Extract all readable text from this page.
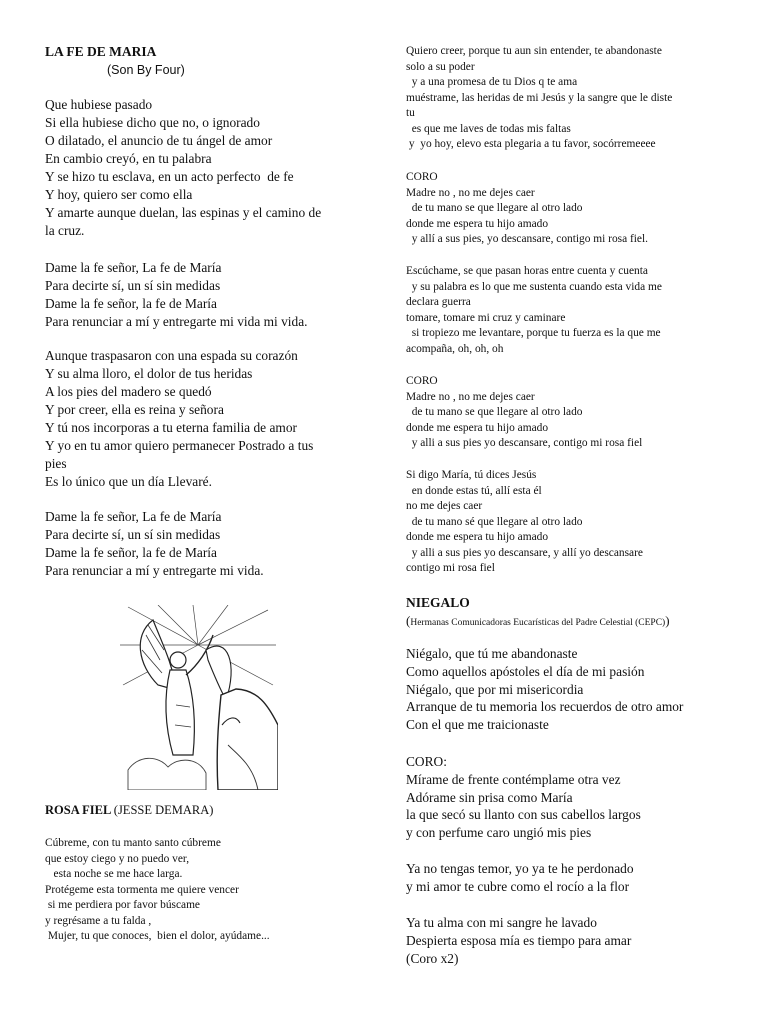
LA FE DE MARIA
(Son By Four)
Que hubiese pasado
Si ella hubiese dicho que no, o ignorado
O dilatado, el anuncio de tu ángel de amor
En cambio creyó, en tu palabra
Y se hizo tu esclava, en un acto perfecto  de fe
Y hoy, quiero ser como ella
Y amarte aunque duelan, las espinas y el camino de
la cruz.
Dame la fe señor, La fe de María
Para decirte sí, un sí sin medidas
Dame la fe señor, la fe de María
Para renunciar a mí y entregarte mi vida mi vida.
Aunque traspasaron con una espada su corazón
Y su alma lloro, el dolor de tus heridas
A los pies del madero se quedó
Y por creer, ella es reina y señora
Y tú nos incorporas a tu eterna familia de amor
Y yo en tu amor quiero permanecer Postrado a tus
pies
Es lo único que un día Llevaré.
Dame la fe señor, La fe de María
Para decirte sí, un sí sin medidas
Dame la fe señor, la fe de María
Para renunciar a mí y entregarte mi vida.
ROSA FIEL (JESSE DEMARA)
Cúbreme, con tu manto santo cúbreme
que estoy ciego y no puedo ver,
esta noche se me hace larga.
Protégeme esta tormenta me quiere vencer
si me perdiera por favor búscame
y regrésame a tu falda ,
Mujer, tu que conoces,  bien el dolor, ayúdame...
Quiero creer, porque tu aun sin entender, te abandonaste
solo a su poder
y a una promesa de tu Dios q te ama
muéstrame, las heridas de mi Jesús y la sangre que le diste
tu
es que me laves de todas mis faltas
y  yo hoy, elevo esta plegaria a tu favor, socórremeeee
CORO
Madre no , no me dejes caer
de tu mano se que llegare al otro lado
donde me espera tu hijo amado
y allí a sus pies, yo descansare, contigo mi rosa fiel.
Escúchame, se que pasan horas entre cuenta y cuenta
y su palabra es lo que me sustenta cuando esta vida me
declara guerra
tomare, tomare mi cruz y caminare
si tropiezo me levantare, porque tu fuerza es la que me
acompaña, oh, oh, oh
CORO
Madre no , no me dejes caer
de tu mano se que llegare al otro lado
donde me espera tu hijo amado
y alli a sus pies yo descansare, contigo mi rosa fiel
Si digo María, tú dices Jesús
en donde estas tú, allí esta él
no me dejes caer
de tu mano sé que llegare al otro lado
donde me espera tu hijo amado
y alli a sus pies yo descansare, y allí yo descansare
contigo mi rosa fiel
NIEGALO
(Hermanas Comunicadoras Eucarísticas del Padre Celestial (CEPC))
Niégalo, que tú me abandonaste
Como aquellos apóstoles el día de mi pasión
Niégalo, que por mi misericordia
Arranque de tu memoria los recuerdos de otro amor
Con el que me traicionaste
CORO:
Mírame de frente contémplame otra vez
Adórame sin prisa como María
la que secó su llanto con sus cabellos largos
y con perfume caro ungió mis pies
Ya no tengas temor, yo ya te he perdonado
y mi amor te cubre como el rocío a la flor
Ya tu alma con mi sangre he lavado
Despierta esposa mía es tiempo para amar
(Coro x2)
